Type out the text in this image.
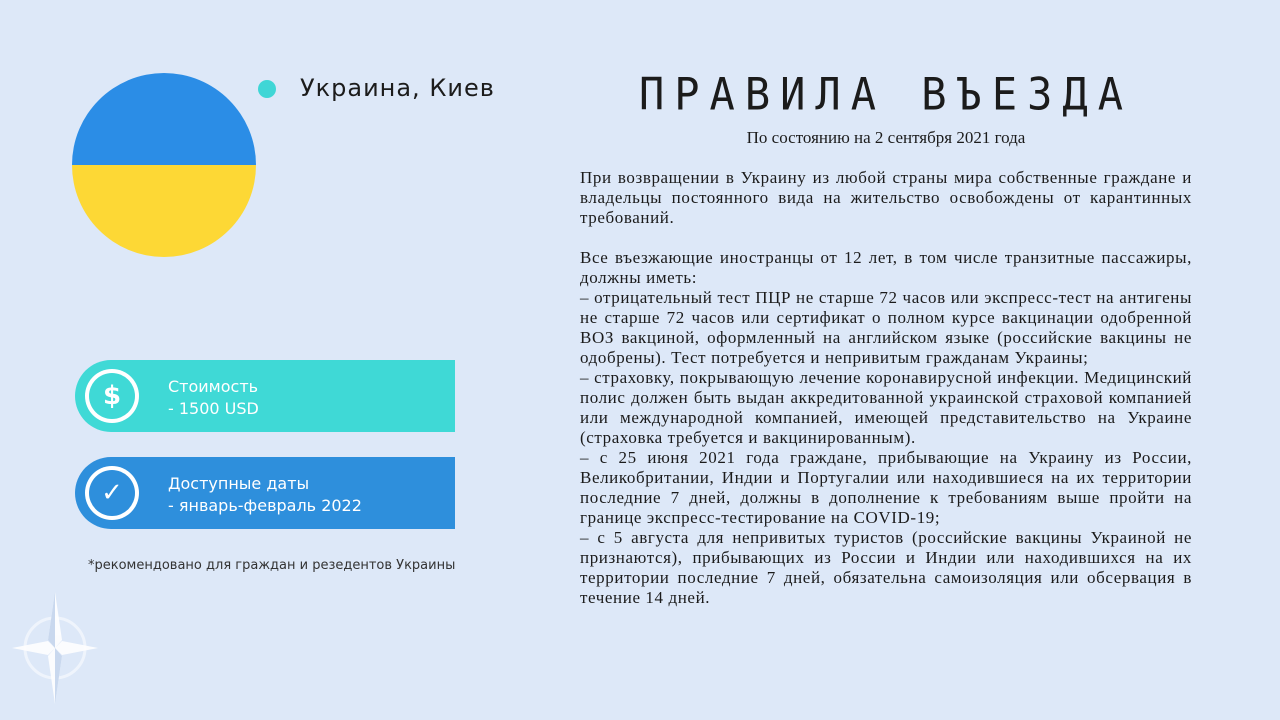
Украина, Киев	ПРАВИЛА ВЪЕЗДА
По состоянию на 2 сентября 2021 года

При возвращении в Украину из любой страны мира собственные граждане и владельцы постоянного вида на жительство освобождены от карантинных требований.

Все въезжающие иностранцы от 12 лет, в том числе транзитные пассажиры, должны иметь:
– отрицательный тест ПЦР не старше 72 часов или экспресс-тест на антигены не старше 72 часов или сертификат о полном курсе вакцинации одобренной ВОЗ вакциной, оформленный на английском языке (российские вакцины не одобрены). Тест потребуется и непривитым гражданам Украины;
– страховку, покрывающую лечение коронавирусной инфекции. Медицинский полис должен быть выдан аккредитованной украинской страховой компанией или международной компанией, имеющей представительство на Украине (страховка требуется и вакцинированным).
– с 25 июня 2021 года граждане, прибывающие на Украину из России, Великобритании, Индии и Португалии или находившиеся на их территории последние 7 дней, должны в дополнение к требованиям выше пройти на границе экспресс-тестирование на COVID-19;
– с 5 августа для непривитых туристов (российские вакцины Украиной не признаются), прибывающих из России и Индии или находившихся на их территории последние 7 дней, обязательна самоизоляция или обсервация в течение 14 дней.

$	Стоимость
- 1500 USD
✓	Доступные даты
- январь-февраль 2022
*рекомендовано для граждан и резедентов Украины
